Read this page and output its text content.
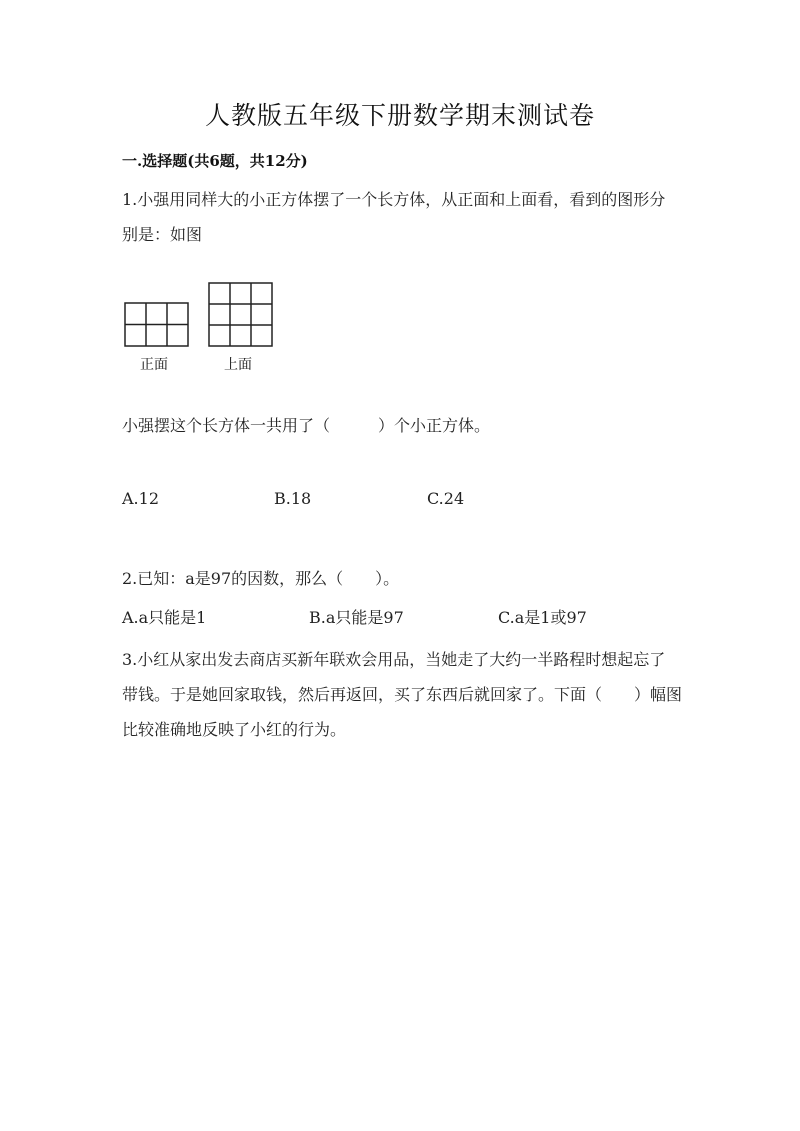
人教版五年级下册数学期末测试卷
一.选择题(共6题，共12分)
1.小强用同样大的小正方体摆了一个长方体，从正面和上面看，看到的图形分
别是：如图
正面	上面
小强摆这个长方体一共用了（　　　）个小正方体。
A.12	B.18	C.24
2.已知：a是97的因数，那么（　　）。
A.a只能是1	B.a只能是97	C.a是1或97
3.小红从家出发去商店买新年联欢会用品，当她走了大约一半路程时想起忘了
带钱。于是她回家取钱，然后再返回，买了东西后就回家了。下面（　　）幅图
比较准确地反映了小红的行为。
